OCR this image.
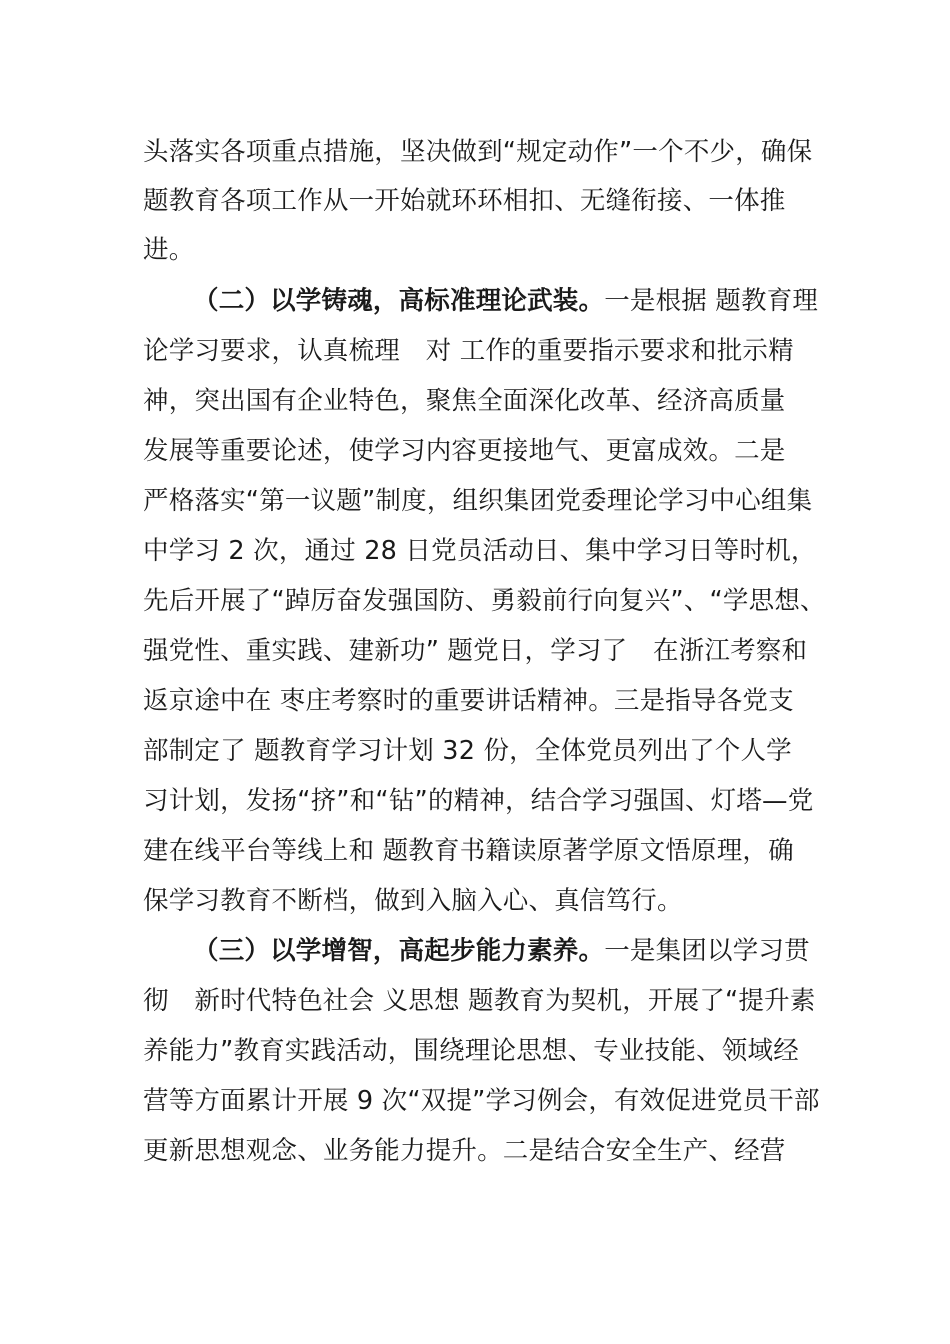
头落实各项重点措施，坚决做到“规定动作”一个不少，确保
题教育各项工作从一开始就环环相扣、无缝衔接、一体推
进。
（二）以学铸魂，高标准理论武装。一是根据 题教育理
论学习要求，认真梳理　对 工作的重要指示要求和批示精
神，突出国有企业特色，聚焦全面深化改革、经济高质量
发展等重要论述，使学习内容更接地气、更富成效。二是
严格落实“第一议题”制度，组织集团党委理论学习中心组集
中学习 2 次，通过 28 日党员活动日、集中学习日等时机，
先后开展了“踔厉奋发强国防、勇毅前行向复兴”、“学思想、
强党性、重实践、建新功” 题党日，学习了　在浙江考察和
返京途中在 枣庄考察时的重要讲话精神。三是指导各党支
部制定了 题教育学习计划 32 份，全体党员列出了个人学
习计划，发扬“挤”和“钻”的精神，结合学习强国、灯塔—党
建在线平台等线上和 题教育书籍读原著学原文悟原理，确
保学习教育不断档，做到入脑入心、真信笃行。
（三）以学增智，高起步能力素养。一是集团以学习贯
彻　新时代特色社会 义思想 题教育为契机，开展了“提升素
养能力”教育实践活动，围绕理论思想、专业技能、领域经
营等方面累计开展 9 次“双提”学习例会，有效促进党员干部
更新思想观念、业务能力提升。二是结合安全生产、经营
